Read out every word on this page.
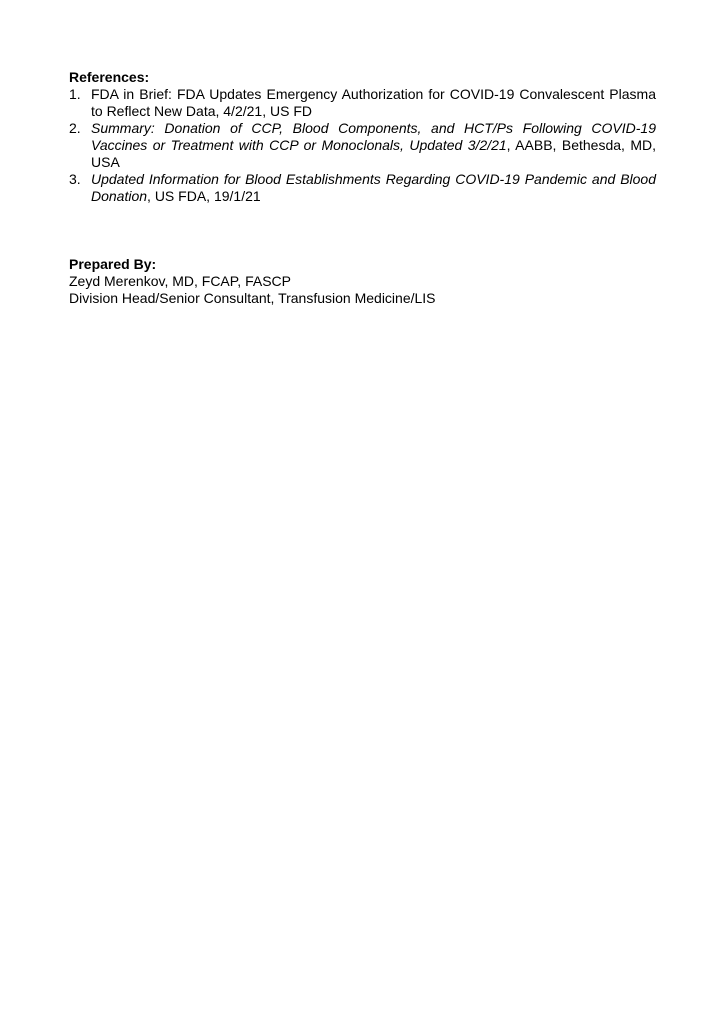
References:

1. FDA in Brief: FDA Updates Emergency Authorization for COVID-19 Convalescent Plasma to Reflect New Data, 4/2/21, US FD
2. Summary: Donation of CCP, Blood Components, and HCT/Ps Following COVID-19 Vaccines or Treatment with CCP or Monoclonals, Updated 3/2/21, AABB, Bethesda, MD, USA
3. Updated Information for Blood Establishments Regarding COVID-19 Pandemic and Blood Donation, US FDA, 19/1/21

Prepared By:

Zeyd Merenkov, MD, FCAP, FASCP
Division Head/Senior Consultant, Transfusion Medicine/LIS
